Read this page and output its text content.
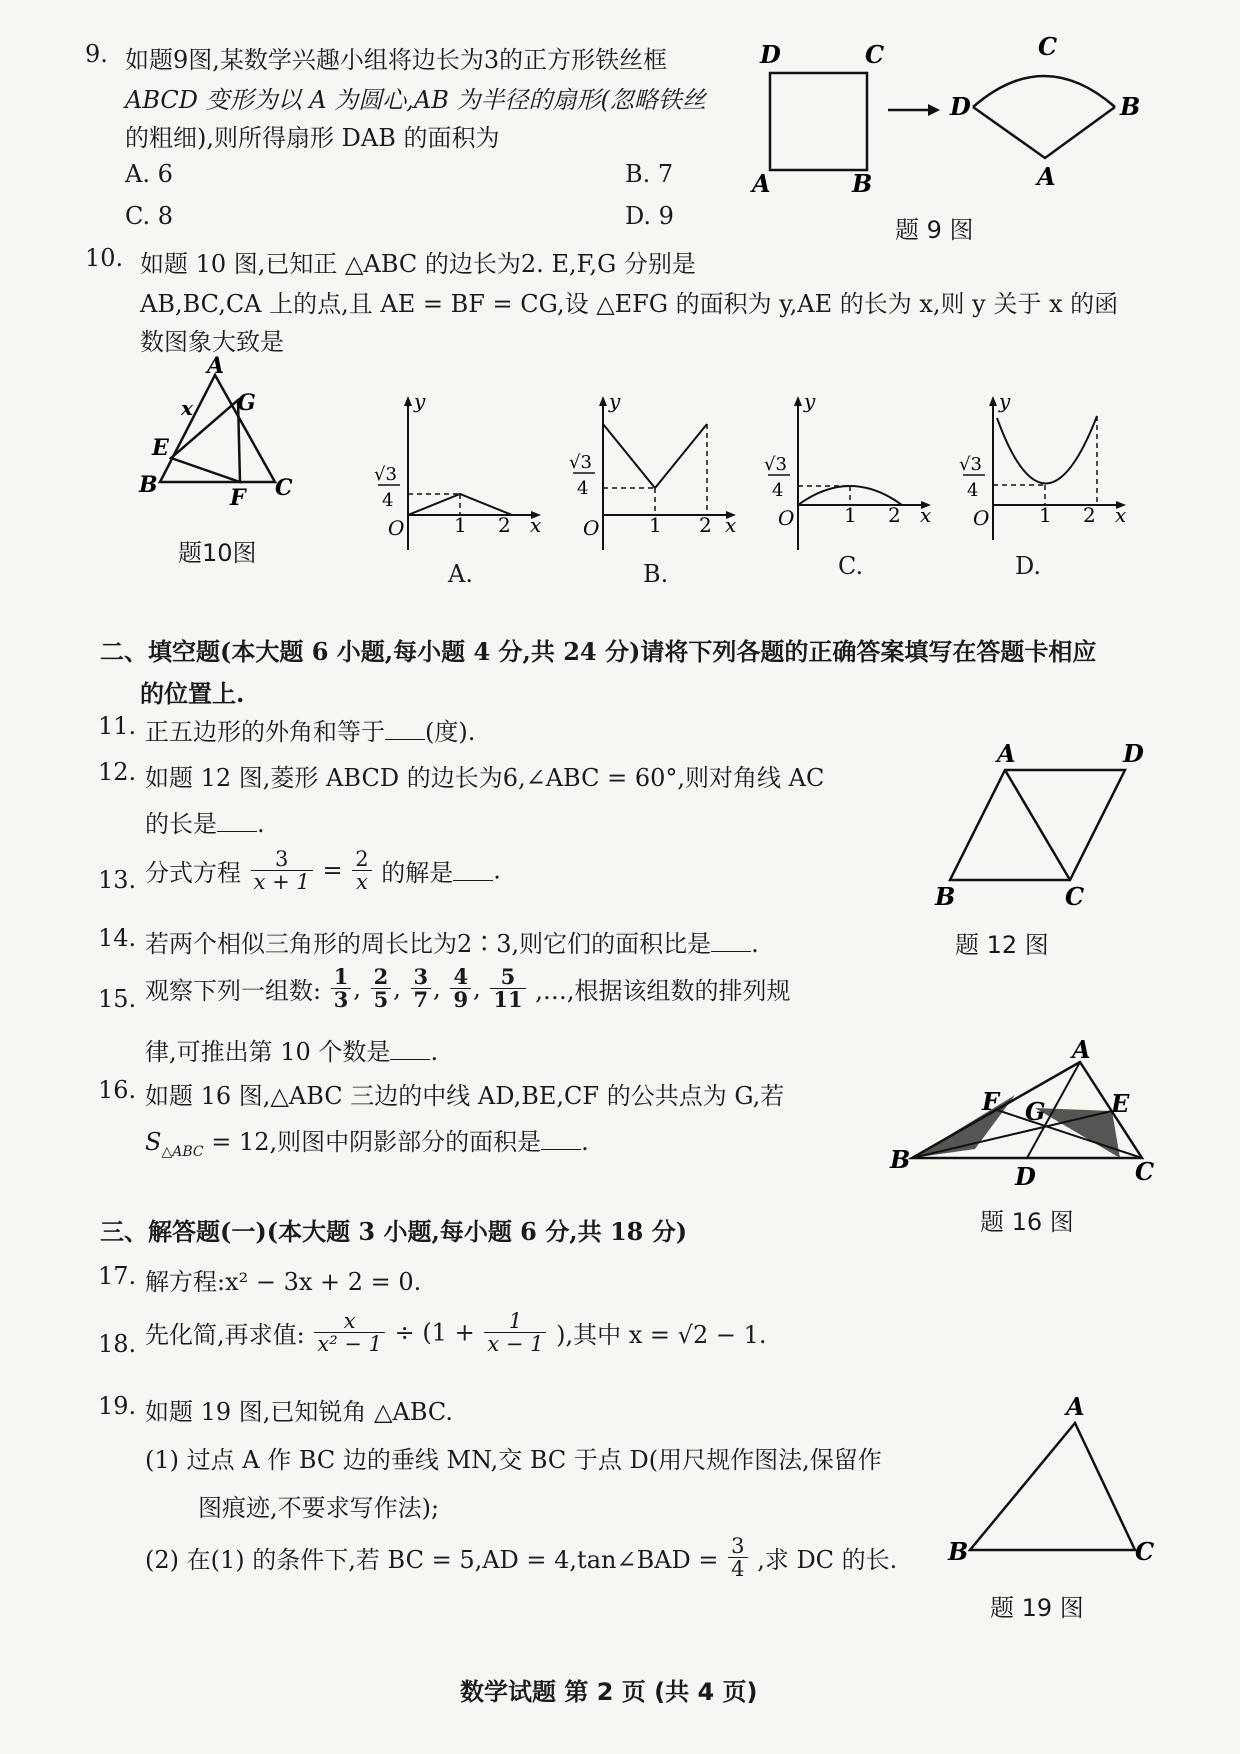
9. 如题9图,某数学兴趣小组将边长为3的正方形铁丝框
ABCD 变形为以 A 为圆心,AB 为半径的扇形(忽略铁丝
的粗细),则所得扇形 DAB 的面积为
A. 6	B. 7
C. 8	D. 9
D	C
A	B
C
D	B
A
题 9 图
10. 如题 10 图,已知正 △ABC 的边长为2. E,F,G 分别是
AB,BC,CA 上的点,且 AE = BF = CG,设 △EFG 的面积为 y,AE 的长为 x,则 y 关于 x 的函
数图象大致是
A
x G
E
B	F C
题10图
y
x
O 1 2
√3
4
A.
y
x
O 1 2
√3
4
B.
y
x
O 1 2
√3
4
C.
y
x
O 1 2
√3
4
D.
二、填空题(本大题 6 小题,每小题 4 分,共 24 分)请将下列各题的正确答案填写在答题卡相应
的位置上.
11. 正五边形的外角和等于 (度).
12. 如题 12 图,菱形 ABCD 的边长为6,∠ABC = 60°,则对角线 AC
的长是 .
A	D
B	C
题 12 图
13. 分式方程 $\frac{3}{x + 1} = \frac{2}{x}$ 的解是 .
14. 若两个相似三角形的周长比为2∶3,则它们的面积比是 .
15. 观察下列一组数: $\frac{1}{3}$ , $\frac{2}{5}$ , $\frac{3}{7}$ , $\frac{4}{9}$ , $\frac{5}{11}$ ,…,根据该组数的排列规
律,可推出第 10 个数是 .
16. 如题 16 图,△ABC 三边的中线 AD,BE,CF 的公共点为 G,若
$S_{\triangle ABC} = 12$,则图中阴影部分的面积是 .
A
F G	E
B
D	C
题 16 图
三、解答题(一)(本大题 3 小题,每小题 6 分,共 18 分)
17. 解方程:x² − 3x + 2 = 0.
18. 先化简,再求值: $\frac{x}{\text{x² − 1}} \div (1 + \frac{1}{x - 1}$ ),其中 x = √2 − 1.
19. 如题 19 图,已知锐角 △ABC.
(1) 过点 A 作 BC 边的垂线 MN,交 BC 于点 D(用尺规作图法,保留作
图痕迹,不要求写作法);
(2) 在(1) 的条件下,若 BC = 5,AD = 4,tan∠BAD = $\frac{3}{4}$ ,求 DC 的长.
A
B	C
题 19 图
数学试题 第 2 页 (共 4 页)
